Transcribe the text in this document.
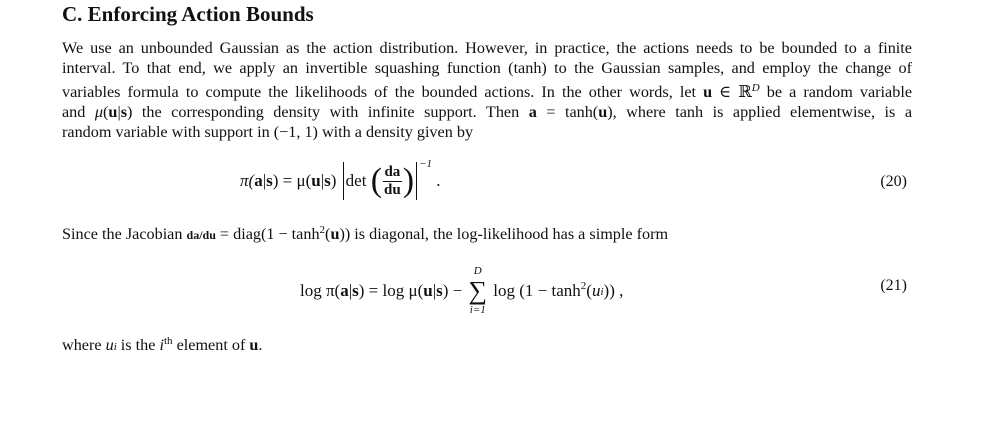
C. Enforcing Action Bounds
We use an unbounded Gaussian as the action distribution. However, in practice, the actions needs to be bounded to a finite
interval. To that end, we apply an invertible squashing function (tanh) to the Gaussian samples, and employ the change of
variables formula to compute the likelihoods of the bounded actions. In the other words, let u ∈ ℝ$^D$ be a random variable
and μ(u|s) the corresponding density with infinite support. Then a = tanh(u), where tanh is applied elementwise, is a
random variable with support in (−1, 1) with a density given by
π(a|s) = μ(u|s) det ( $\frac{da}{du}$ ) $^{-1}$ .	(20)
Since the Jacobian da/du = diag(1 − $\tanh^2(u)$) is diagonal, the log-likelihood has a simple form
log π(a|s) = log μ(u|s) −
D
∑
i=1
$\log (1 - \tanh^2(ui))$ ,	(21)
where ui is the $i^{th}$ element of u.
